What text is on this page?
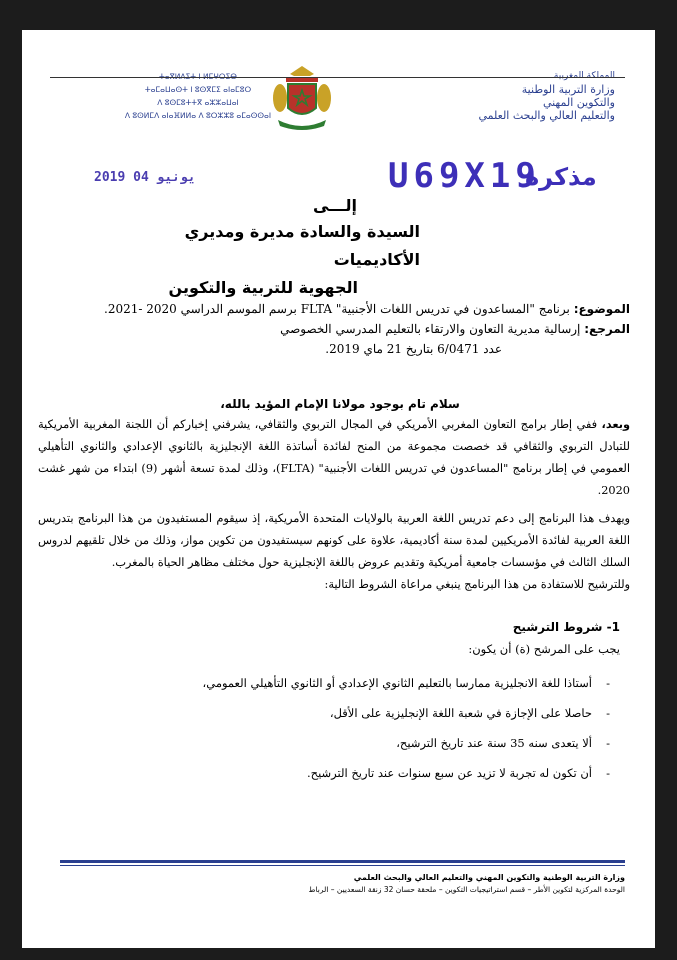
ⵜⴰⴳⵍⴷⵉⵜ ⵏ ⵍⵎⵖⵔⵉⴱ
ⵜⴰⵎⴰⵡⴰⵙⵜ ⵏ ⵓⵙⴳⵎⵉ ⴰⵏⴰⵎⵓⵔ
ⴷ ⵓⵙⵎⵓⵜⵜⴳ ⴰⵣⵣⴰⵡⴰⵏ
ⴷ ⵓⵙⵍⵎⴷ ⴰⵏⴰⴼⵍⵍⴰ ⴷ ⵓⵔⵣⵣⵓ ⴰⵎⴰⵙⵙⴰⵏ
المملكة المغربية
وزارة التربية الوطنية
والتكوين المهني
والتعليم العالي والبحث العلمي
2019 يونيو 04	U69X19
مذكرة
إلـــى
السيدة والسادة مديرة ومديري الأكاديميات
الجهوية للتربية والتكوين
الموضوع: برنامج "المساعدون في تدريس اللغات الأجنبية" FLTA برسم الموسم الدراسي 2020 -2021.
المرجع: إرسالية مديرية التعاون والارتقاء بالتعليم المدرسي الخصوصي
عدد 6/0471 بتاريخ 21 ماي 2019.
سلام تام بوجود مولانا الإمام المؤيد بالله،
وبعد، ففي إطار برامج التعاون المغربي الأمريكي في المجال التربوي والثقافي، يشرفني إخباركم أن اللجنة المغربية الأمريكية للتبادل التربوي والثقافي قد خصصت مجموعة من المنح لفائدة أساتذة اللغة الإنجليزية بالثانوي الإعدادي والثانوي التأهيلي العمومي في إطار برنامج "المساعدون في تدريس اللغات الأجنبية" (FLTA)، وذلك لمدة تسعة أشهر (9) ابتداء من شهر غشت 2020.
ويهدف هذا البرنامج إلى دعم تدريس اللغة العربية بالولايات المتحدة الأمريكية، إذ سيقوم المستفيدون من هذا البرنامج بتدريس اللغة العربية لفائدة الأمريكيين لمدة سنة أكاديمية، علاوة على كونهم سيستفيدون من تكوين مواز، وذلك من خلال تلقيهم لدروس السلك الثالث في مؤسسات جامعية أمريكية وتقديم عروض باللغة الإنجليزية حول مختلف مظاهر الحياة بالمغرب.
وللترشيح للاستفادة من هذا البرنامج ينبغي مراعاة الشروط التالية:
1- شروط الترشيح
يجب على المرشح (ة) أن يكون:
-
أستاذا للغة الانجليزية ممارسا بالتعليم الثانوي الإعدادي أو الثانوي التأهيلي العمومي،
-
حاصلا على الإجازة في شعبة اللغة الإنجليزية على الأقل،
-
ألا يتعدى سنه 35 سنة عند تاريخ الترشيح،
-
أن تكون له تجربة لا تزيد عن سبع سنوات عند تاريخ الترشيح.
وزارة التربية الوطنية والتكوين المهني والتعليم العالي والبحث العلمي
الوحدة المركزية لتكوين الأطر – قسم استراتيجيات التكوين – ملحقة حسان 32 زنقة السعديين – الرباط
